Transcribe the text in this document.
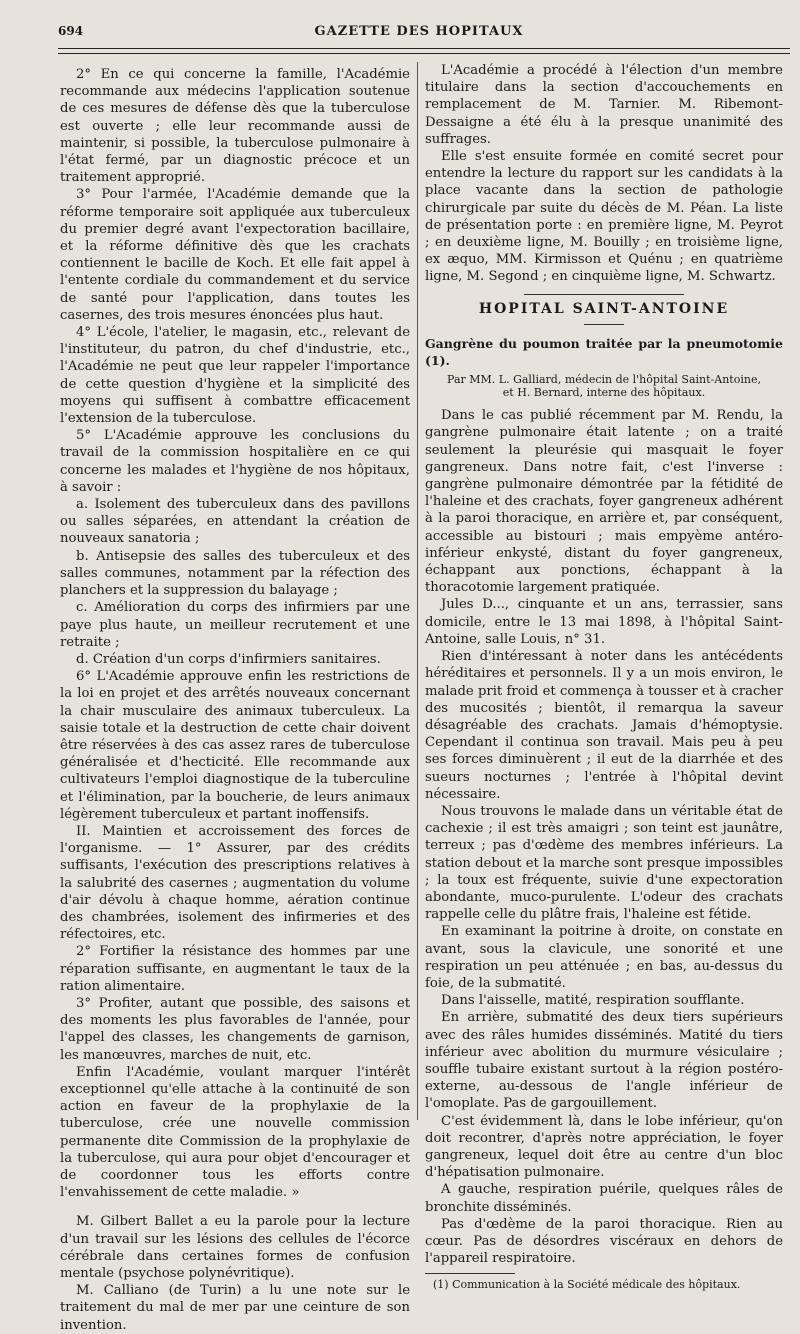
694	GAZETTE DES HOPITAUX

2° En ce qui concerne la famille, l'Académie recommande aux médecins l'application soutenue de ces mesures de défense dès que la tuberculose est ouverte ; elle leur recommande aussi de maintenir, si possible, la tuberculose pulmonaire à l'état fermé, par un diagnostic précoce et un traitement approprié.

3° Pour l'armée, l'Académie demande que la réforme temporaire soit appliquée aux tuberculeux du premier degré avant l'expectoration bacillaire, et la réforme définitive dès que les crachats contiennent le bacille de Koch. Et elle fait appel à l'entente cordiale du commandement et du service de santé pour l'application, dans toutes les casernes, des trois mesures énoncées plus haut.

4° L'école, l'atelier, le magasin, etc., relevant de l'instituteur, du patron, du chef d'industrie, etc., l'Académie ne peut que leur rappeler l'importance de cette question d'hygiène et la simplicité des moyens qui suffisent à combattre efficacement l'extension de la tuberculose.

5° L'Académie approuve les conclusions du travail de la commission hospitalière en ce qui concerne les malades et l'hygiène de nos hôpitaux, à savoir :

a. Isolement des tuberculeux dans des pavillons ou salles séparées, en attendant la création de nouveaux sanatoria ;

b. Antisepsie des salles des tuberculeux et des salles communes, notamment par la réfection des planchers et la suppression du balayage ;

c. Amélioration du corps des infirmiers par une paye plus haute, un meilleur recrutement et une retraite ;

d. Création d'un corps d'infirmiers sanitaires.

6° L'Académie approuve enfin les restrictions de la loi en projet et des arrêtés nouveaux concernant la chair musculaire des animaux tuberculeux. La saisie totale et la destruction de cette chair doivent être réservées à des cas assez rares de tuberculose généralisée et d'hecticité. Elle recommande aux cultivateurs l'emploi diagnostique de la tuberculine et l'élimination, par la boucherie, de leurs animaux légèrement tuberculeux et partant inoffensifs.

II. Maintien et accroissement des forces de l'organisme. — 1° Assurer, par des crédits suffisants, l'exécution des prescriptions relatives à la salubrité des casernes ; augmentation du volume d'air dévolu à chaque homme, aération continue des chambrées, isolement des infirmeries et des réfectoires, etc.

2° Fortifier la résistance des hommes par une réparation suffisante, en augmentant le taux de la ration alimentaire.

3° Profiter, autant que possible, des saisons et des moments les plus favorables de l'année, pour l'appel des classes, les changements de garnison, les manœuvres, marches de nuit, etc.

Enfin l'Académie, voulant marquer l'intérêt exceptionnel qu'elle attache à la continuité de son action en faveur de la prophylaxie de la tuberculose, crée une nouvelle commission permanente dite Commission de la prophylaxie de la tuberculose, qui aura pour objet d'encourager et de coordonner tous les efforts contre l'envahissement de cette maladie. »

M. Gilbert Ballet a eu la parole pour la lecture d'un travail sur les lésions des cellules de l'écorce cérébrale dans certaines formes de confusion mentale (psychose polynévritique).

M. Calliano (de Turin) a lu une note sur le traitement du mal de mer par une ceinture de son invention.

L'Académie a procédé à l'élection d'un membre titulaire dans la section d'accouchements en remplacement de M. Tarnier. M. Ribemont-Dessaigne a été élu à la presque unanimité des suffrages.

Elle s'est ensuite formée en comité secret pour entendre la lecture du rapport sur les candidats à la place vacante dans la section de pathologie chirurgicale par suite du décès de M. Péan. La liste de présentation porte : en première ligne, M. Peyrot ; en deuxième ligne, M. Bouilly ; en troisième ligne, ex æquo, MM. Kirmisson et Quénu ; en quatrième ligne, M. Segond ; en cinquième ligne, M. Schwartz.

HOPITAL SAINT-ANTOINE

Gangrène du poumon traitée par la pneumotomie (1).

Par MM. L. Galliard, médecin de l'hôpital Saint-Antoine,
et H. Bernard, interne des hôpitaux.

Dans le cas publié récemment par M. Rendu, la gangrène pulmonaire était latente ; on a traité seulement la pleurésie qui masquait le foyer gangreneux. Dans notre fait, c'est l'inverse : gangrène pulmonaire démontrée par la fétidité de l'haleine et des crachats, foyer gangreneux adhérent à la paroi thoracique, en arrière et, par conséquent, accessible au bistouri ; mais empyème antéro-inférieur enkysté, distant du foyer gangreneux, échappant aux ponctions, échappant à la thoracotomie largement pratiquée.

Jules D..., cinquante et un ans, terrassier, sans domicile, entre le 13 mai 1898, à l'hôpital Saint-Antoine, salle Louis, n° 31.

Rien d'intéressant à noter dans les antécédents héréditaires et personnels. Il y a un mois environ, le malade prit froid et commença à tousser et à cracher des mucosités ; bientôt, il remarqua la saveur désagréable des crachats. Jamais d'hémoptysie. Cependant il continua son travail. Mais peu à peu ses forces diminuèrent ; il eut de la diarrhée et des sueurs nocturnes ; l'entrée à l'hôpital devint nécessaire.

Nous trouvons le malade dans un véritable état de cachexie ; il est très amaigri ; son teint est jaunâtre, terreux ; pas d'œdème des membres inférieurs. La station debout et la marche sont presque impossibles ; la toux est fréquente, suivie d'une expectoration abondante, muco-purulente. L'odeur des crachats rappelle celle du plâtre frais, l'haleine est fétide.

En examinant la poitrine à droite, on constate en avant, sous la clavicule, une sonorité et une respiration un peu atténuée ; en bas, au-dessus du foie, de la submatité.

Dans l'aisselle, matité, respiration soufflante.

En arrière, submatité des deux tiers supérieurs avec des râles humides disséminés. Matité du tiers inférieur avec abolition du murmure vésiculaire ; souffle tubaire existant surtout à la région postéro-externe, au-dessous de l'angle inférieur de l'omoplate. Pas de gargouillement.

C'est évidemment là, dans le lobe inférieur, qu'on doit recontrer, d'après notre appréciation, le foyer gangreneux, lequel doit être au centre d'un bloc d'hépatisation pulmonaire.

A gauche, respiration puérile, quelques râles de bronchite disséminés.

Pas d'œdème de la paroi thoracique. Rien au cœur. Pas de désordres viscéraux en dehors de l'appareil respiratoire.

(1) Communication à la Société médicale des hôpitaux.
